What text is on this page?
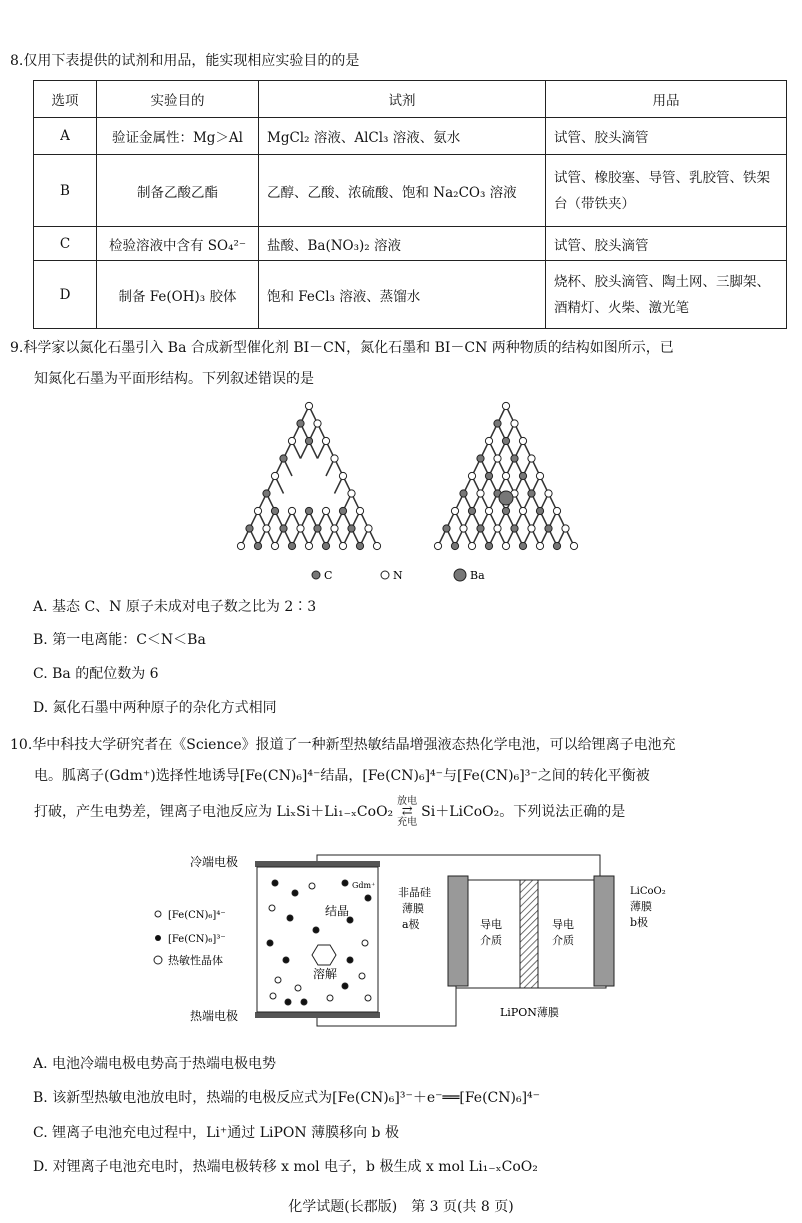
8.仅用下表提供的试剂和用品，能实现相应实验目的的是
选项	实验目的	试剂	用品
A	验证金属性：Mg＞Al	MgCl₂ 溶液、AlCl₃ 溶液、氨水	试管、胶头滴管
B	制备乙酸乙酯	乙醇、乙酸、浓硫酸、饱和 Na₂CO₃ 溶液	试管、橡胶塞、导管、乳胶管、铁架台（带铁夹）
C	检验溶液中含有 SO₄²⁻	盐酸、Ba(NO₃)₂ 溶液	试管、胶头滴管
D	制备 Fe(OH)₃ 胶体	饱和 FeCl₃ 溶液、蒸馏水	烧杯、胶头滴管、陶土网、三脚架、酒精灯、火柴、激光笔
9.科学家以氮化石墨引入 Ba 合成新型催化剂 BI－CN，氮化石墨和 BI－CN 两种物质的结构如图所示，已
知氮化石墨为平面形结构。下列叙述错误的是
C	N	Ba
A. 基态 C、N 原子未成对电子数之比为 2∶3
B. 第一电离能：C＜N＜Ba
C. Ba 的配位数为 6
D. 氮化石墨中两种原子的杂化方式相同
10.华中科技大学研究者在《Science》报道了一种新型热敏结晶增强液态热化学电池，可以给锂离子电池充
电。胍离子(Gdm⁺)选择性地诱导[Fe(CN)₆]⁴⁻结晶，[Fe(CN)₆]⁴⁻与[Fe(CN)₆]³⁻之间的转化平衡被
打破，产生电势差，锂离子电池反应为 LiₓSi＋Li₁₋ₓCoO₂
放电
⇄
充电
Si＋LiCoO₂。下列说法正确的是
冷端电极
热端电极
Gdm⁺
结晶
溶解
[Fe(CN)₆]⁴⁻
[Fe(CN)₆]³⁻
热敏性晶体
非晶硅
薄膜
a极
LiCoO₂
薄膜
b极
导电
介质
导电
介质
LiPON薄膜
A. 电池冷端电极电势高于热端电极电势
B. 该新型热敏电池放电时，热端的电极反应式为[Fe(CN)₆]³⁻＋e⁻══[Fe(CN)₆]⁴⁻
C. 锂离子电池充电过程中，Li⁺通过 LiPON 薄膜移向 b 极
D. 对锂离子电池充电时，热端电极转移 x mol 电子，b 极生成 x mol Li₁₋ₓCoO₂
化学试题(长郡版)　第 3 页(共 8 页)
